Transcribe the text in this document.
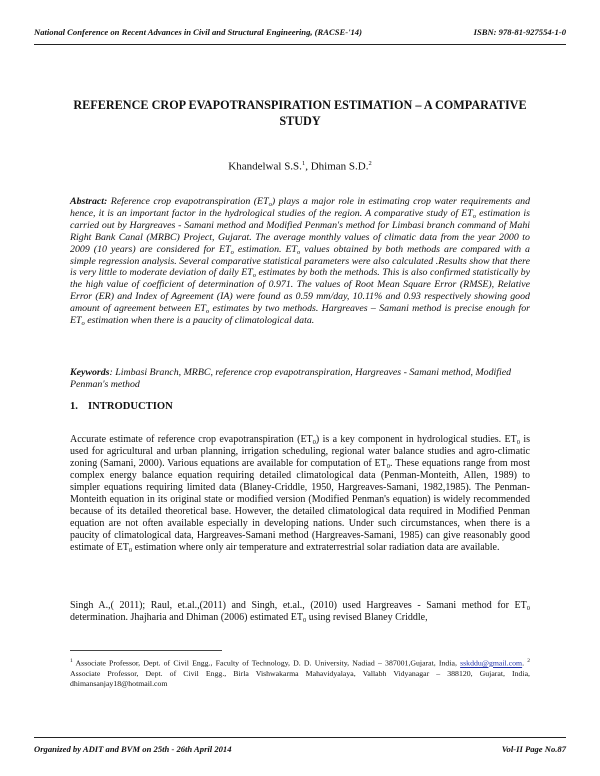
National Conference on Recent Advances in Civil and Structural Engineering, (RACSE-'14)	ISBN: 978-81-927554-1-0
REFERENCE CROP EVAPOTRANSPIRATION ESTIMATION – A COMPARATIVE STUDY
Khandelwal S.S.$^1$, Dhiman S.D.$^2$
Abstract: Reference crop evapotranspiration $(ET_o)$ plays a major role in estimating crop water requirements and hence, it is an important factor in the hydrological studies of the region. A comparative study of $ET_o$ estimation is carried out by Hargreaves - Samani method and Modified Penman's method for Limbasi branch command of Mahi Right Bank Canal (MRBC) Project, Gujarat. The average monthly values of climatic data from the year 2000 to 2009 (10 years) are considered for $ET_o$ estimation. $ET_o$ values obtained by both methods are compared with a simple regression analysis. Several comparative statistical parameters were also calculated .Results show that there is very little to moderate deviation of daily $ET_o$ estimates by both the methods. This is also confirmed statistically by the high value of coefficient of determination of 0.971. The values of Root Mean Square Error (RMSE), Relative Error (ER) and Index of Agreement (IA) were found as 0.59 mm/day, 10.11% and 0.93 respectively showing good amount of agreement between $ET_o$ estimates by two methods. Hargreaves – Samani method is precise enough for $ET_o$ estimation when there is a paucity of climatological data.
Keywords: Limbasi Branch, MRBC, reference crop evapotranspiration, Hargreaves - Samani method, Modified Penman's method
1. INTRODUCTION
Accurate estimate of reference crop evapotranspiration $(ET_0)$ is a key component in hydrological studies. $ET_0$ is used for agricultural and urban planning, irrigation scheduling, regional water balance studies and agro-climatic zoning (Samani, 2000). Various equations are available for computation of $ET_0$. These equations range from most complex energy balance equation requiring detailed climatological data (Penman-Monteith, Allen, 1989) to simpler equations requiring limited data (Blaney-Criddle, 1950, Hargreaves-Samani, 1982,1985). The Penman-Monteith equation in its original state or modified version (Modified Penman's equation) is widely recommended because of its detailed theoretical base. However, the detailed climatological data required in Modified Penman equation are not often available especially in developing nations. Under such circumstances, when there is a paucity of climatological data, Hargreaves-Samani method (Hargreaves-Samani, 1985) can give reasonably good estimate of $ET_0$ estimation where only air temperature and extraterrestrial solar radiation data are available.
Singh A.,( 2011); Raul, et.al.,(2011) and Singh, et.al., (2010) used Hargreaves - Samani method for $ET_0$ determination. Jhajharia and Dhiman (2006) estimated $ET_0$ using revised Blaney Criddle,
$^1$ Associate Professor, Dept. of Civil Engg., Faculty of Technology, D. D. University, Nadiad – 387001,Gujarat, India, sskddu@gmail.com. $^2$ Associate Professor, Dept. of Civil Engg., Birla Vishwakarma Mahavidyalaya, Vallabh Vidyanagar – 388120, Gujarat, India, dhimansanjay18@hotmail.com
Organized by ADIT and BVM on 25th - 26th April 2014	Vol-II Page No.87
